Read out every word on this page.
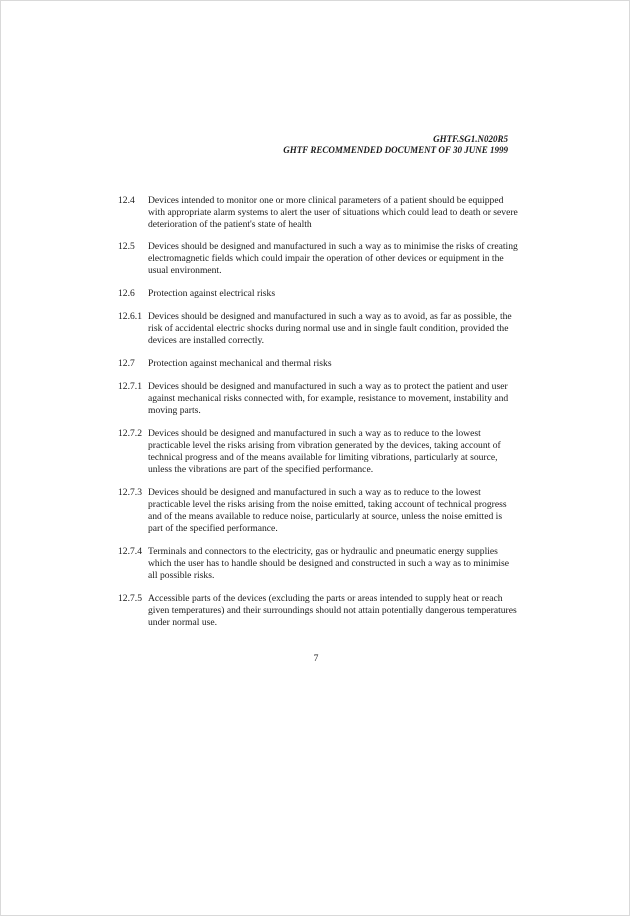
GHTF.SG1.N020R5
GHTF RECOMMENDED DOCUMENT OF 30 JUNE 1999
12.4 Devices intended to monitor one or more clinical parameters of a patient should be equipped with appropriate alarm systems to alert the user of situations which could lead to death or severe deterioration of the patient's state of health
12.5 Devices should be designed and manufactured in such a way as to minimise the risks of creating electromagnetic fields which could impair the operation of other devices or equipment in the usual environment.
12.6 Protection against electrical risks
12.6.1 Devices should be designed and manufactured in such a way as to avoid, as far as possible, the risk of accidental electric shocks during normal use and in single fault condition, provided the devices are installed correctly.
12.7 Protection against mechanical and thermal risks
12.7.1 Devices should be designed and manufactured in such a way as to protect the patient and user against mechanical risks connected with, for example, resistance to movement, instability and moving parts.
12.7.2 Devices should be designed and manufactured in such a way as to reduce to the lowest practicable level the risks arising from vibration generated by the devices, taking account of technical progress and of the means available for limiting vibrations, particularly at source, unless the vibrations are part of the specified performance.
12.7.3 Devices should be designed and manufactured in such a way as to reduce to the lowest practicable level the risks arising from the noise emitted, taking account of technical progress and of the means available to reduce noise, particularly at source, unless the noise emitted is part of the specified performance.
12.7.4 Terminals and connectors to the electricity, gas or hydraulic and pneumatic energy supplies which the user has to handle should be designed and constructed in such a way as to minimise all possible risks.
12.7.5 Accessible parts of the devices (excluding the parts or areas intended to supply heat or reach given temperatures) and their surroundings should not attain potentially dangerous temperatures under normal use.
7
